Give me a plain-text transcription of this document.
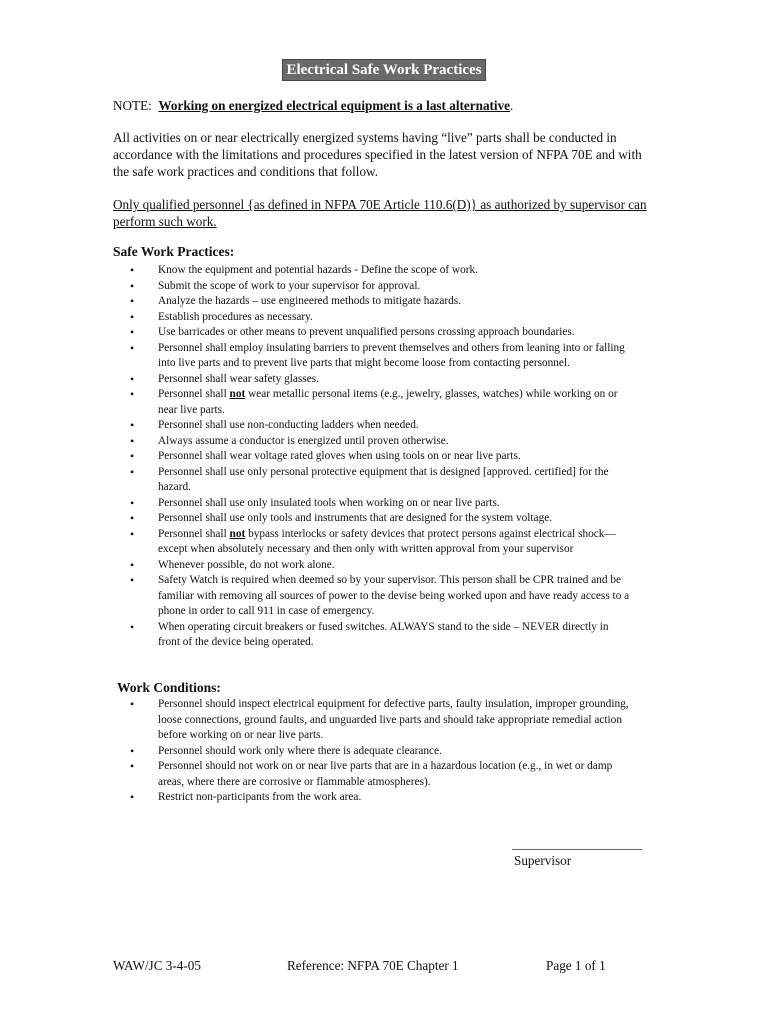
Electrical Safe Work Practices
NOTE: Working on energized electrical equipment is a last alternative.
All activities on or near electrically energized systems having “live” parts shall be conducted in accordance with the limitations and procedures specified in the latest version of NFPA 70E and with the safe work practices and conditions that follow.
Only qualified personnel {as defined in NFPA 70E Article 110.6(D)} as authorized by supervisor can perform such work.
Safe Work Practices:
• Know the equipment and potential hazards - Define the scope of work.
• Submit the scope of work to your supervisor for approval.
• Analyze the hazards – use engineered methods to mitigate hazards.
• Establish procedures as necessary.
• Use barricades or other means to prevent unqualified persons crossing approach boundaries.
• Personnel shall employ insulating barriers to prevent themselves and others from leaning into or falling into live parts and to prevent live parts that might become loose from contacting personnel.
• Personnel shall wear safety glasses.
• Personnel shall not wear metallic personal items (e.g., jewelry, glasses, watches) while working on or near live parts.
• Personnel shall use non-conducting ladders when needed.
• Always assume a conductor is energized until proven otherwise.
• Personnel shall wear voltage rated gloves when using tools on or near live parts.
• Personnel shall use only personal protective equipment that is designed [approved. certified] for the hazard.
• Personnel shall use only insulated tools when working on or near live parts.
• Personnel shall use only tools and instruments that are designed for the system voltage.
• Personnel shall not bypass interlocks or safety devices that protect persons against electrical shock—except when absolutely necessary and then only with written approval from your supervisor
• Whenever possible, do not work alone.
• Safety Watch is required when deemed so by your supervisor. This person shall be CPR trained and be familiar with removing all sources of power to the devise being worked upon and have ready access to a phone in order to call 911 in case of emergency.
• When operating circuit breakers or fused switches. ALWAYS stand to the side – NEVER directly in front of the device being operated.
Work Conditions:
• Personnel should inspect electrical equipment for defective parts, faulty insulation, improper grounding, loose connections, ground faults, and unguarded live parts and should take appropriate remedial action before working on or near live parts.
• Personnel should work only where there is adequate clearance.
• Personnel should not work on or near live parts that are in a hazardous location (e.g., in wet or damp areas, where there are corrosive or flammable atmospheres).
• Restrict non-participants from the work area.
____________________
Supervisor
WAW/JC 3-4-05	Reference: NFPA 70E Chapter 1	Page 1 of 1
